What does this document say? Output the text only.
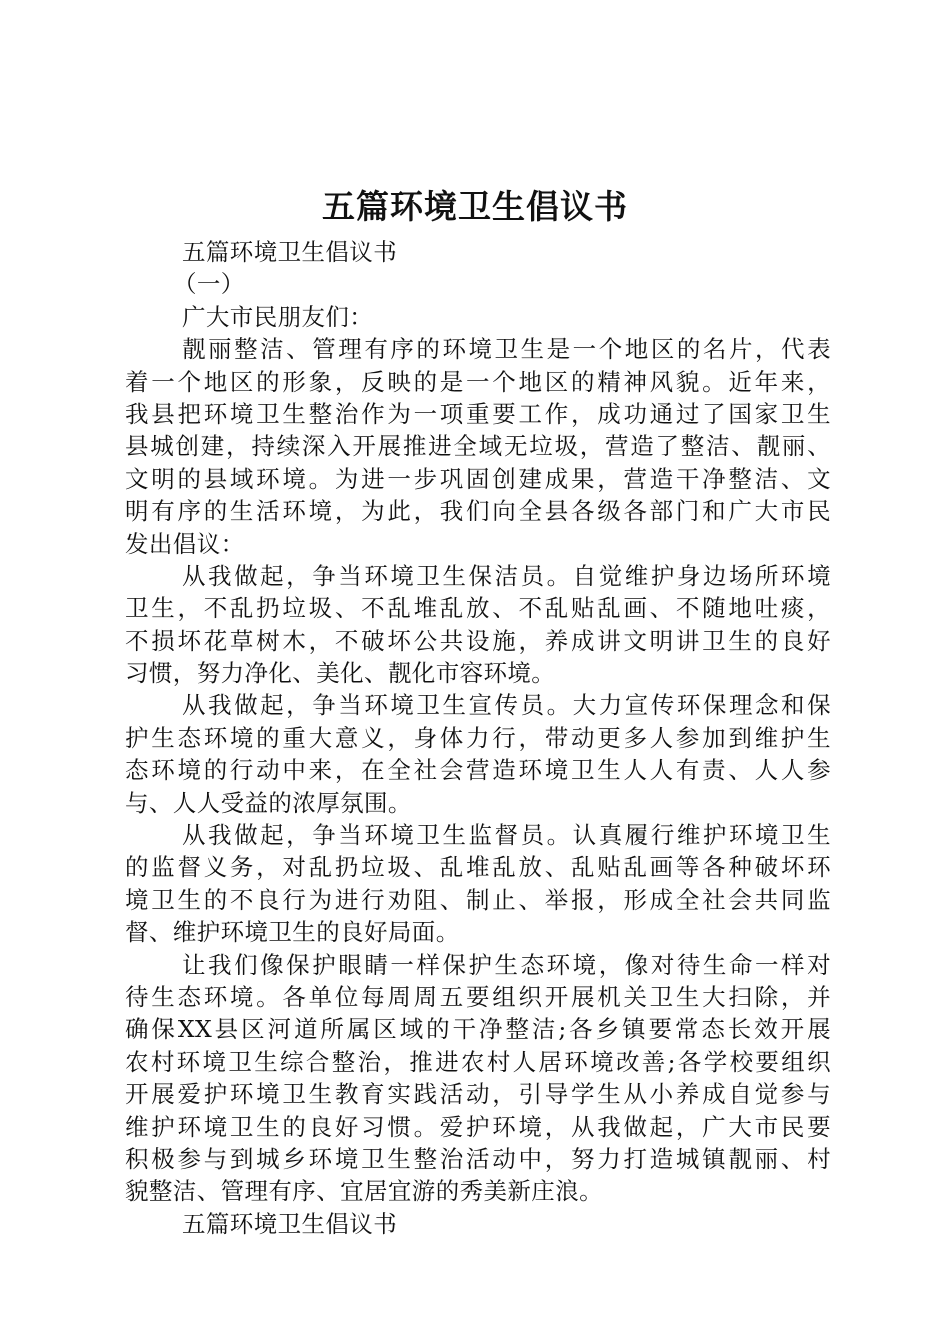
五篇环境卫生倡议书
五篇环境卫生倡议书
（一）
广大市民朋友们：
靓丽整洁、管理有序的环境卫生是一个地区的名片，代表
着一个地区的形象，反映的是一个地区的精神风貌。近年来，
我县把环境卫生整治作为一项重要工作，成功通过了国家卫生
县城创建，持续深入开展推进全域无垃圾，营造了整洁、靓丽、
文明的县域环境。为进一步巩固创建成果，营造干净整洁、文
明有序的生活环境，为此，我们向全县各级各部门和广大市民
发出倡议：
从我做起，争当环境卫生保洁员。自觉维护身边场所环境
卫生，不乱扔垃圾、不乱堆乱放、不乱贴乱画、不随地吐痰，
不损坏花草树木，不破坏公共设施，养成讲文明讲卫生的良好
习惯，努力净化、美化、靓化市容环境。
从我做起，争当环境卫生宣传员。大力宣传环保理念和保
护生态环境的重大意义，身体力行，带动更多人参加到维护生
态环境的行动中来，在全社会营造环境卫生人人有责、人人参
与、人人受益的浓厚氛围。
从我做起，争当环境卫生监督员。认真履行维护环境卫生
的监督义务，对乱扔垃圾、乱堆乱放、乱贴乱画等各种破坏环
境卫生的不良行为进行劝阻、制止、举报，形成全社会共同监
督、维护环境卫生的良好局面。
让我们像保护眼睛一样保护生态环境，像对待生命一样对
待生态环境。各单位每周周五要组织开展机关卫生大扫除，并
确保XX县区河道所属区域的干净整洁;各乡镇要常态长效开展
农村环境卫生综合整治，推进农村人居环境改善;各学校要组织
开展爱护环境卫生教育实践活动，引导学生从小养成自觉参与
维护环境卫生的良好习惯。爱护环境，从我做起，广大市民要
积极参与到城乡环境卫生整治活动中，努力打造城镇靓丽、村
貌整洁、管理有序、宜居宜游的秀美新庄浪。
五篇环境卫生倡议书
